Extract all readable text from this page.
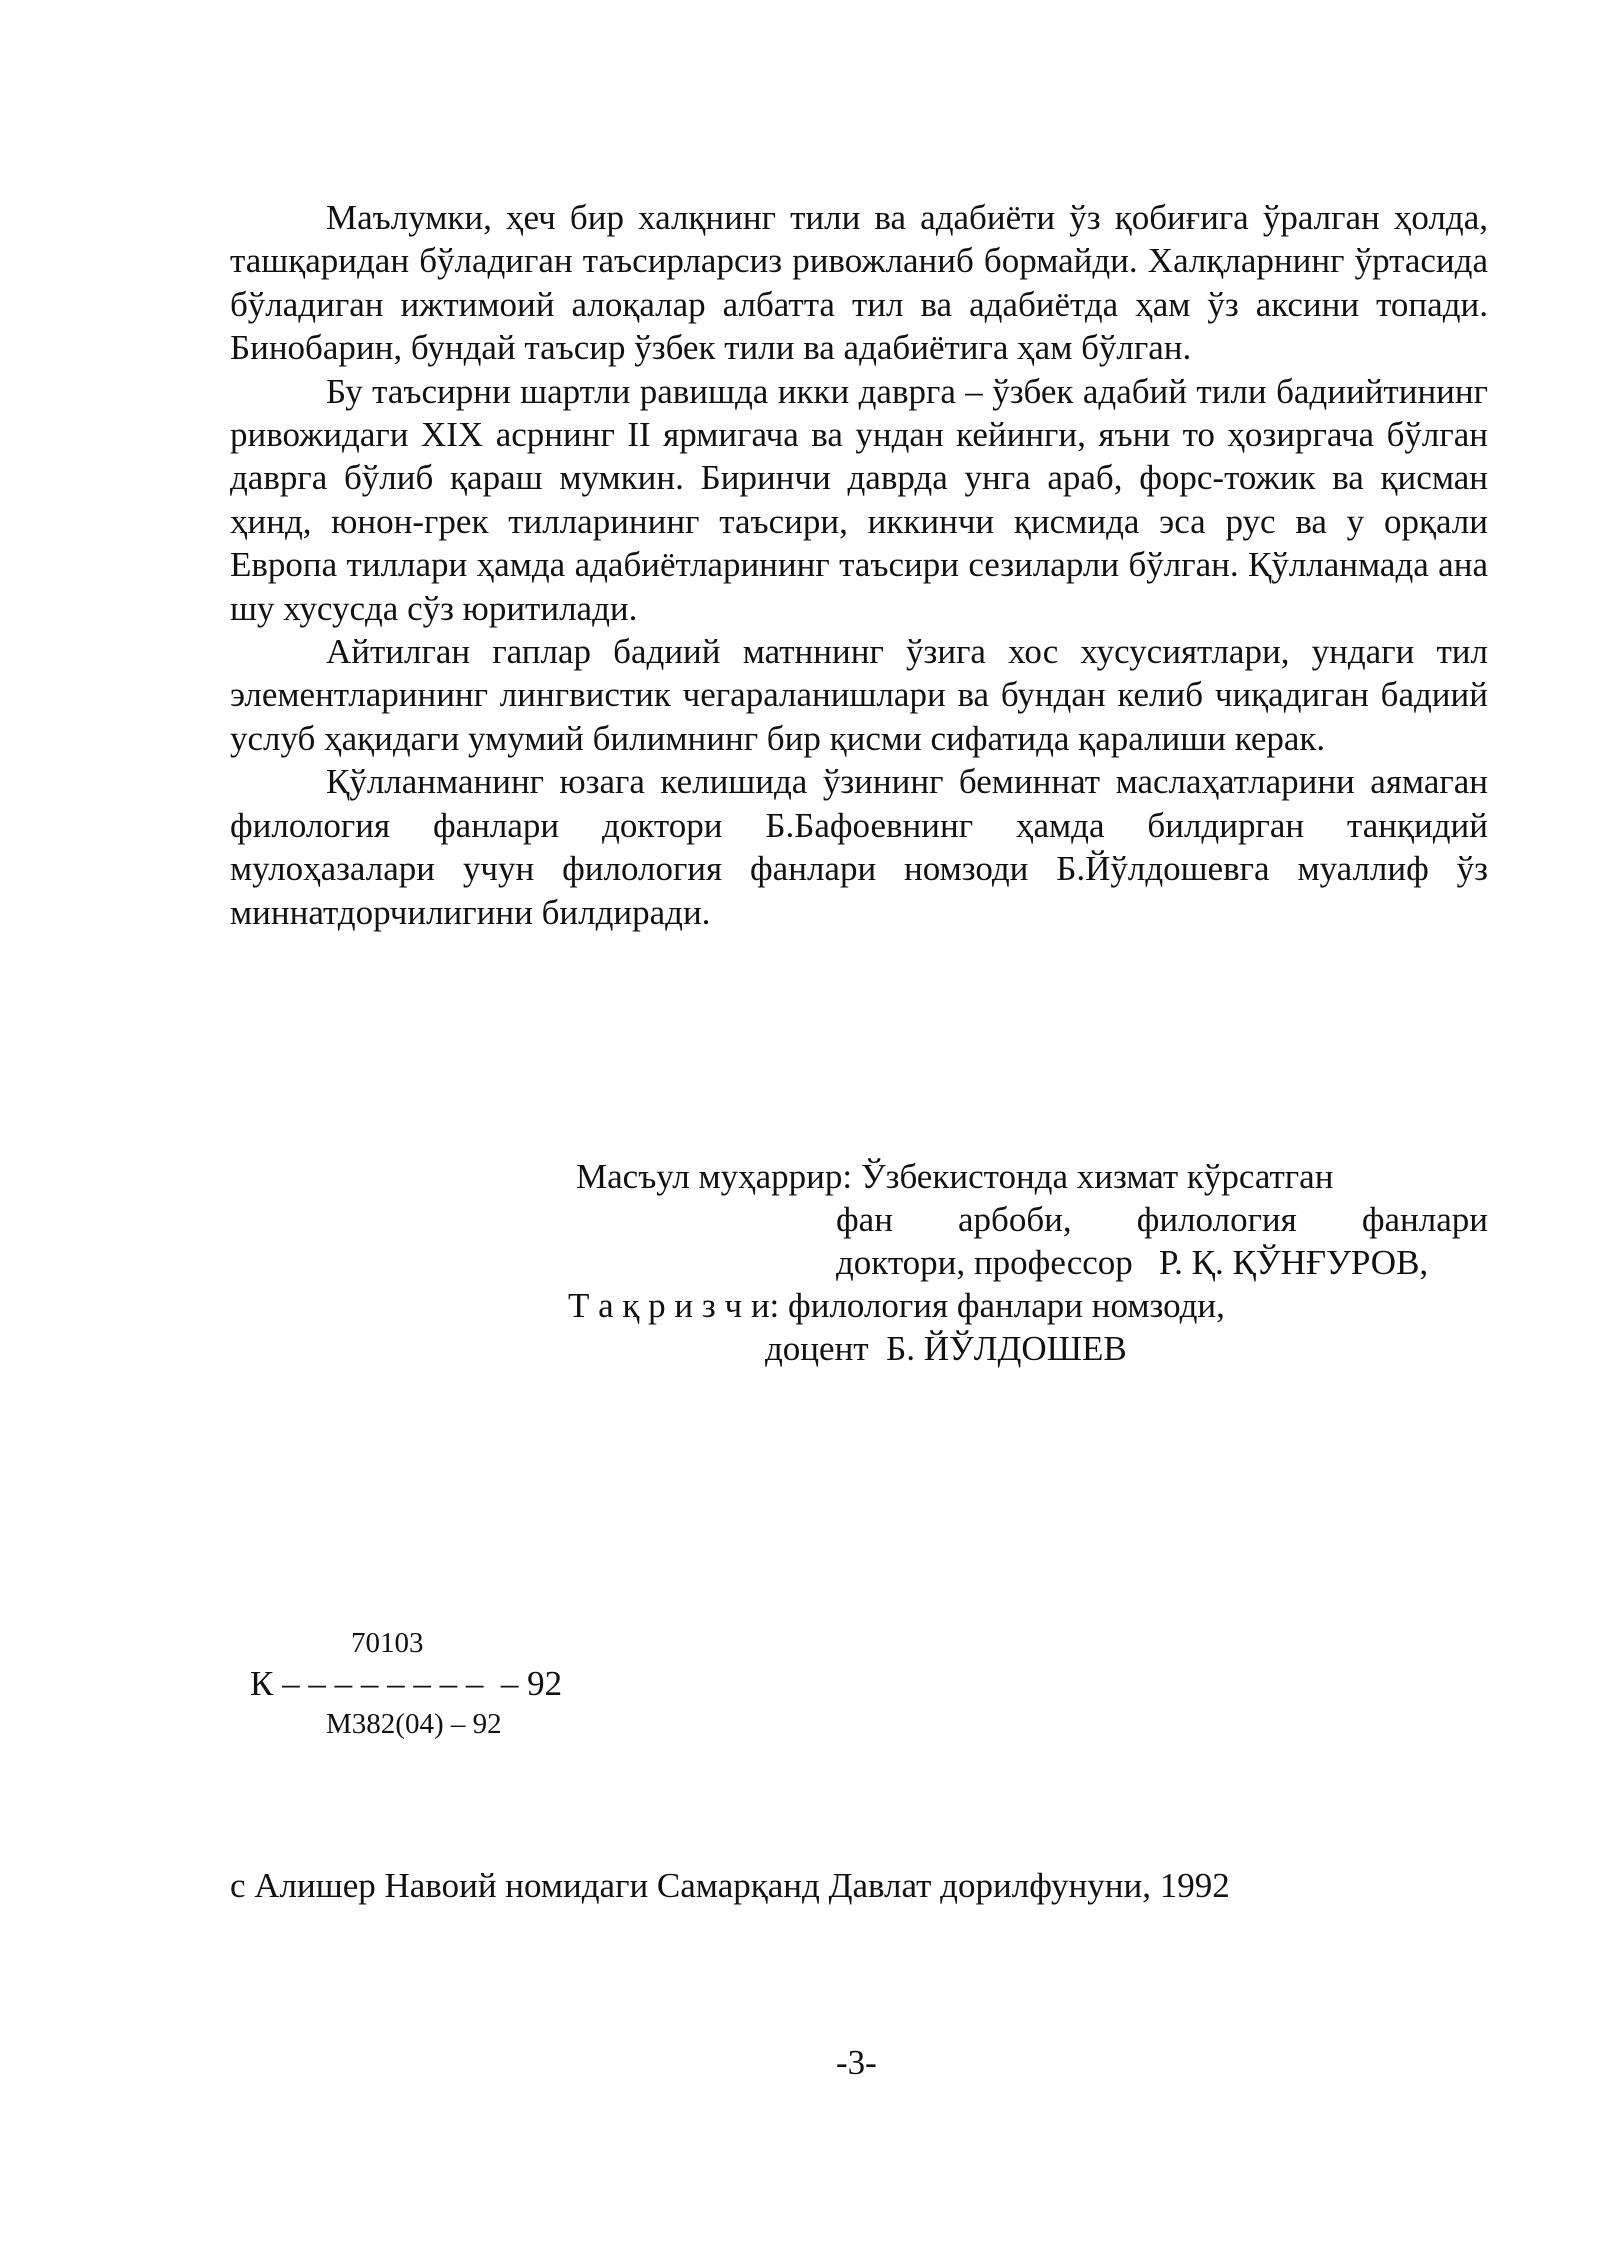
Маълумки, ҳеч бир халқнинг тили ва адабиёти ўз қобиғига ўралган ҳолда, ташқаридан бўладиган таъсирларсиз ривожланиб бормайди. Халқларнинг ўртасида бўладиган ижтимоий алоқалар албатта тил ва адабиётда ҳам ўз аксини топади. Бинобарин, бундай таъсир ўзбек тили ва адабиётига ҳам бўлган.

Бу таъсирни шартли равишда икки даврга – ўзбек адабий тили бадиийтининг ривожидаги XIX асрнинг II ярмигача ва ундан кейинги, яъни то ҳозиргача бўлган даврга бўлиб қараш мумкин. Биринчи даврда унга араб, форс-тожик ва қисман ҳинд, юнон-грек тилларининг таъсири, иккинчи қисмида эса рус ва у орқали Европа тиллари ҳамда адабиётларининг таъсири сезиларли бўлган. Қўлланмада ана шу хусусда сўз юритилади.

Айтилган гаплар бадиий матннинг ўзига хос хусусиятлари, ундаги тил элементларининг лингвистик чегараланишлари ва бундан келиб чиқадиган бадиий услуб ҳақидаги умумий билимнинг бир қисми сифатида қаралиши керак.

Қўлланманинг юзага келишида ўзининг беминнат маслаҳатларини аямаган филология фанлари доктори Б.Бафоевнинг ҳамда билдирган танқидий мулоҳазалари учун филология фанлари номзоди Б.Йўлдошевга муаллиф ўз миннатдорчилигини билдиради.

Масъул муҳаррир: Ўзбекистонда хизмат кўрсатган
фан арбоби, филология фанлари
доктори, профессор   Р. Қ. ҚЎНҒУРОВ,
Т а қ р и з ч и: филология фанлари номзоди,
доцент  Б. ЙЎЛДОШЕВ
70103
К – – – – – – – –  – 92
М382(04) – 92
с Алишер Навоий номидаги Самарқанд Давлат дорилфунуни, 1992
-3-
